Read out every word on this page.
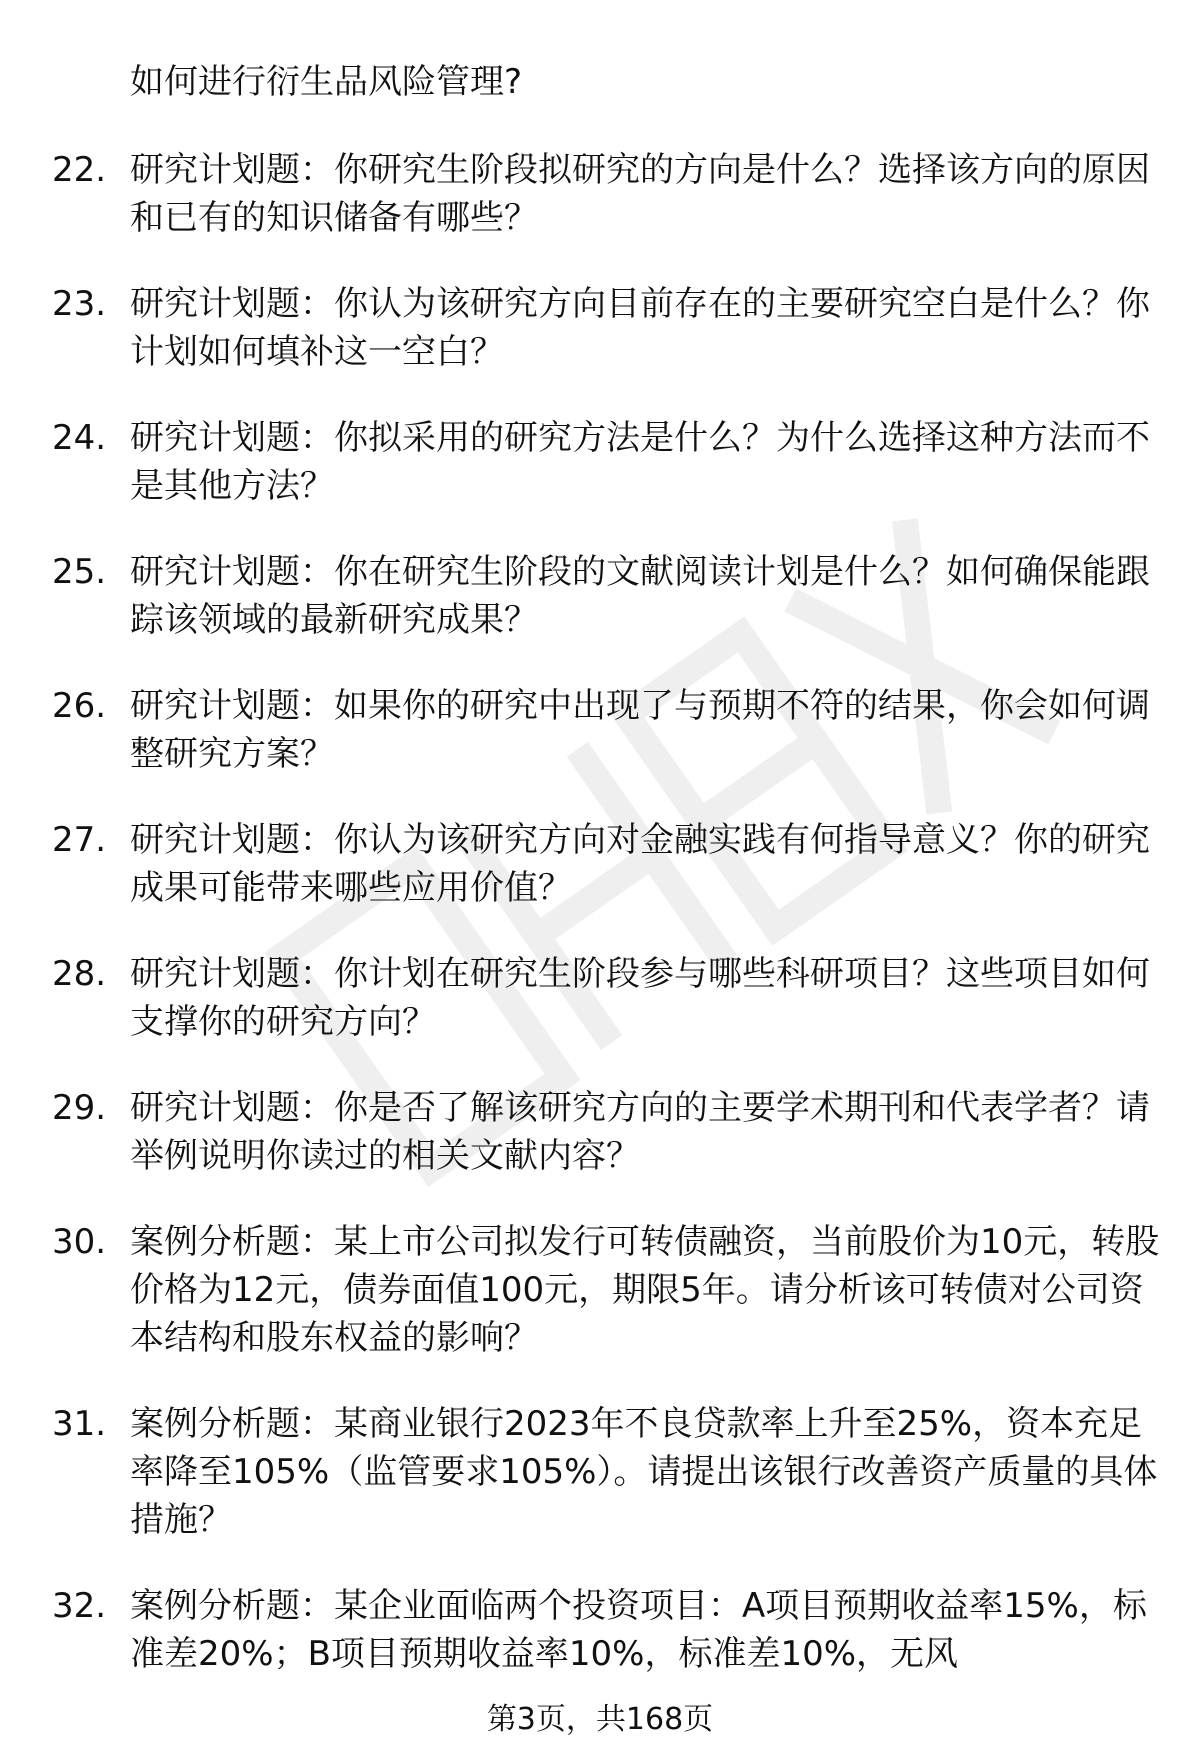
如何进行衍生品风险管理?
22. 研究计划题：你研究生阶段拟研究的方向是什么？选择该方向的原因和已有的知识储备有哪些？
23. 研究计划题：你认为该研究方向目前存在的主要研究空白是什么？你计划如何填补这一空白？
24. 研究计划题：你拟采用的研究方法是什么？为什么选择这种方法而不是其他方法？
25. 研究计划题：你在研究生阶段的文献阅读计划是什么？如何确保能跟踪该领域的最新研究成果？
26. 研究计划题：如果你的研究中出现了与预期不符的结果，你会如何调整研究方案？
27. 研究计划题：你认为该研究方向对金融实践有何指导意义？你的研究成果可能带来哪些应用价值？
28. 研究计划题：你计划在研究生阶段参与哪些科研项目？这些项目如何支撑你的研究方向？
29. 研究计划题：你是否了解该研究方向的主要学术期刊和代表学者？请举例说明你读过的相关文献内容？
30. 案例分析题：某上市公司拟发行可转债融资，当前股价为10元，转股价格为12元，债券面值100元，期限5年。请分析该可转债对公司资本结构和股东权益的影响？
31. 案例分析题：某商业银行2023年不良贷款率上升至25%，资本充足率降至105%（监管要求105%）。请提出该银行改善资产质量的具体措施？
32. 案例分析题：某企业面临两个投资项目：A项目预期收益率15%，标准差20%；B项目预期收益率10%，标准差10%，无风
第3页，共168页
